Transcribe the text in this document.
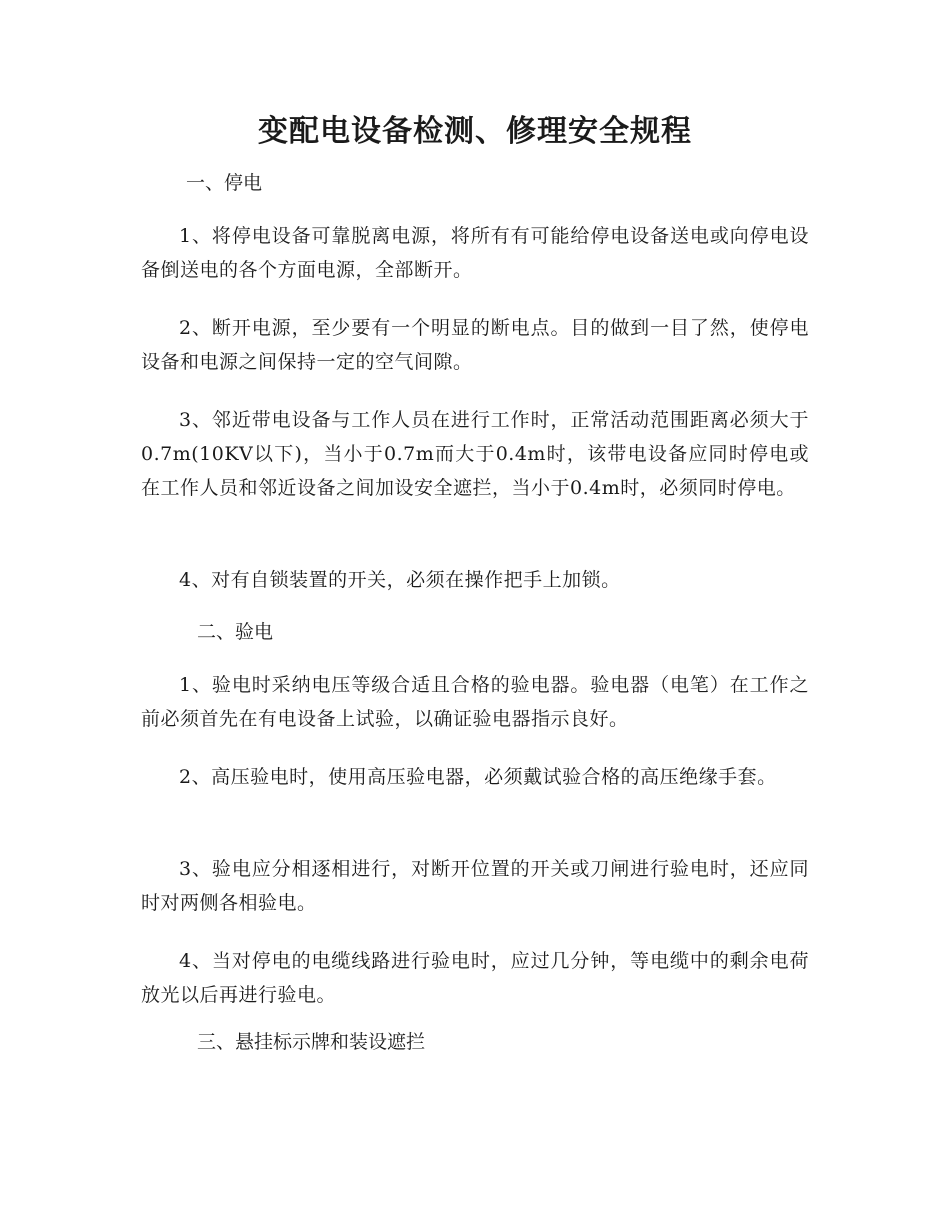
变配电设备检测、修理安全规程

一、停电

1、将停电设备可靠脱离电源，将所有有可能给停电设备送电或向停电设备倒送电的各个方面电源，全部断开。

2、断开电源，至少要有一个明显的断电点。目的做到一目了然，使停电设备和电源之间保持一定的空气间隙。

3、邻近带电设备与工作人员在进行工作时，正常活动范围距离必须大于0.7m(10KV以下)，当小于0.7m而大于0.4m时，该带电设备应同时停电或在工作人员和邻近设备之间加设安全遮拦，当小于0.4m时，必须同时停电。

4、对有自锁装置的开关，必须在操作把手上加锁。

二、验电

1、验电时采纳电压等级合适且合格的验电器。验电器（电笔）在工作之前必须首先在有电设备上试验，以确证验电器指示良好。

2、高压验电时，使用高压验电器，必须戴试验合格的高压绝缘手套。

3、验电应分相逐相进行，对断开位置的开关或刀闸进行验电时，还应同时对两侧各相验电。

4、当对停电的电缆线路进行验电时，应过几分钟，等电缆中的剩余电荷放光以后再进行验电。

三、悬挂标示牌和装设遮拦
